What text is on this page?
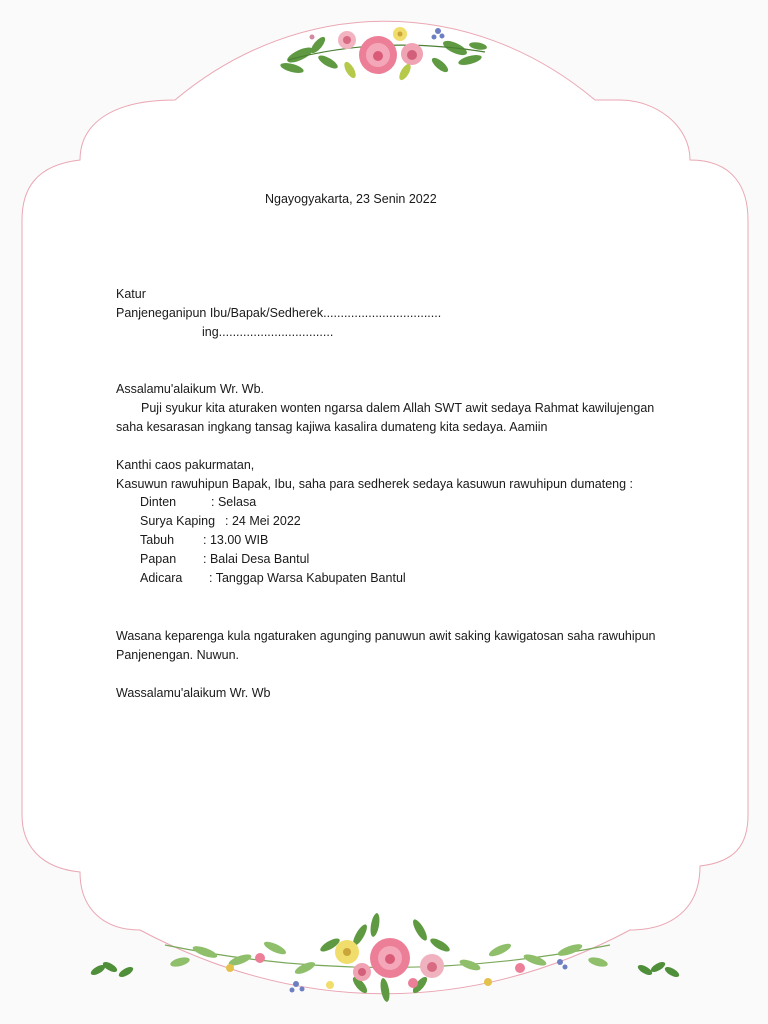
Ngayogyakarta, 23 Senin 2022
Katur
Panjeneganipun Ibu/Bapak/Sedherek..................................
ing.................................
Assalamu'alaikum Wr. Wb.
Puji syukur kita aturaken wonten ngarsa dalem Allah SWT awit sedaya Rahmat kawilujengan saha kesarasan ingkang tansag kajiwa kasalira dumateng kita sedaya. Aamiin
Kanthi caos pakurmatan,
Kasuwun rawuhipun Bapak, Ibu, saha para sedherek sedaya kasuwun rawuhipun dumateng :
Dinten	: Selasa
Surya Kaping : 24 Mei 2022
Tabuh : 13.00 WIB
Papan : Balai Desa Bantul
Adicara : Tanggap Warsa Kabupaten Bantul
Wasana keparenga kula ngaturaken agunging panuwun awit saking kawigatosan saha rawuhipun Panjenengan. Nuwun.
Wassalamu'alaikum Wr. Wb
